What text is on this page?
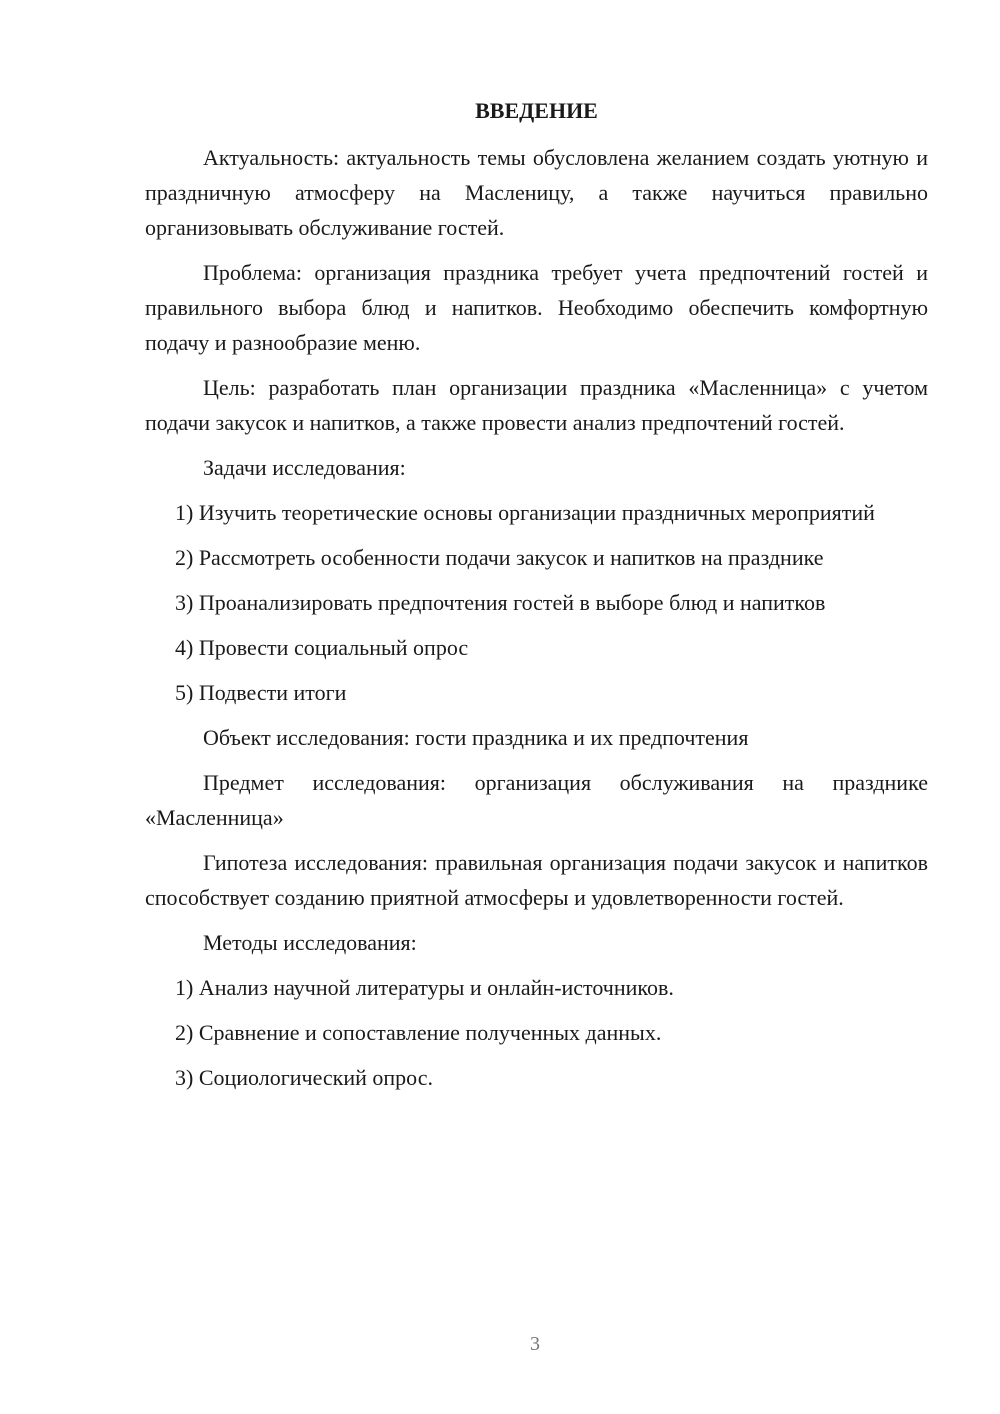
ВВЕДЕНИЕ

Актуальность: актуальность темы обусловлена желанием создать уютную и праздничную атмосферу на Масленицу, а также научиться правильно организовывать обслуживание гостей.

Проблема: организация праздника требует учета предпочтений гостей и правильного выбора блюд и напитков. Необходимо обеспечить комфортную подачу и разнообразие меню.

Цель: разработать план организации праздника «Масленница» с учетом подачи закусок и напитков, а также провести анализ предпочтений гостей.

Задачи исследования:

1) Изучить теоретические основы организации праздничных мероприятий

2) Рассмотреть особенности подачи закусок и напитков на празднике

3) Проанализировать предпочтения гостей в выборе блюд и напитков

4) Провести социальный опрос

5) Подвести итоги

Объект исследования: гости праздника и их предпочтения

Предмет исследования: организация обслуживания на празднике «Масленница»

Гипотеза исследования: правильная организация подачи закусок и напитков способствует созданию приятной атмосферы и удовлетворенности гостей.

Методы исследования:

1) Анализ научной литературы и онлайн-источников.

2) Сравнение и сопоставление полученных данных.

3) Социологический опрос.

3
